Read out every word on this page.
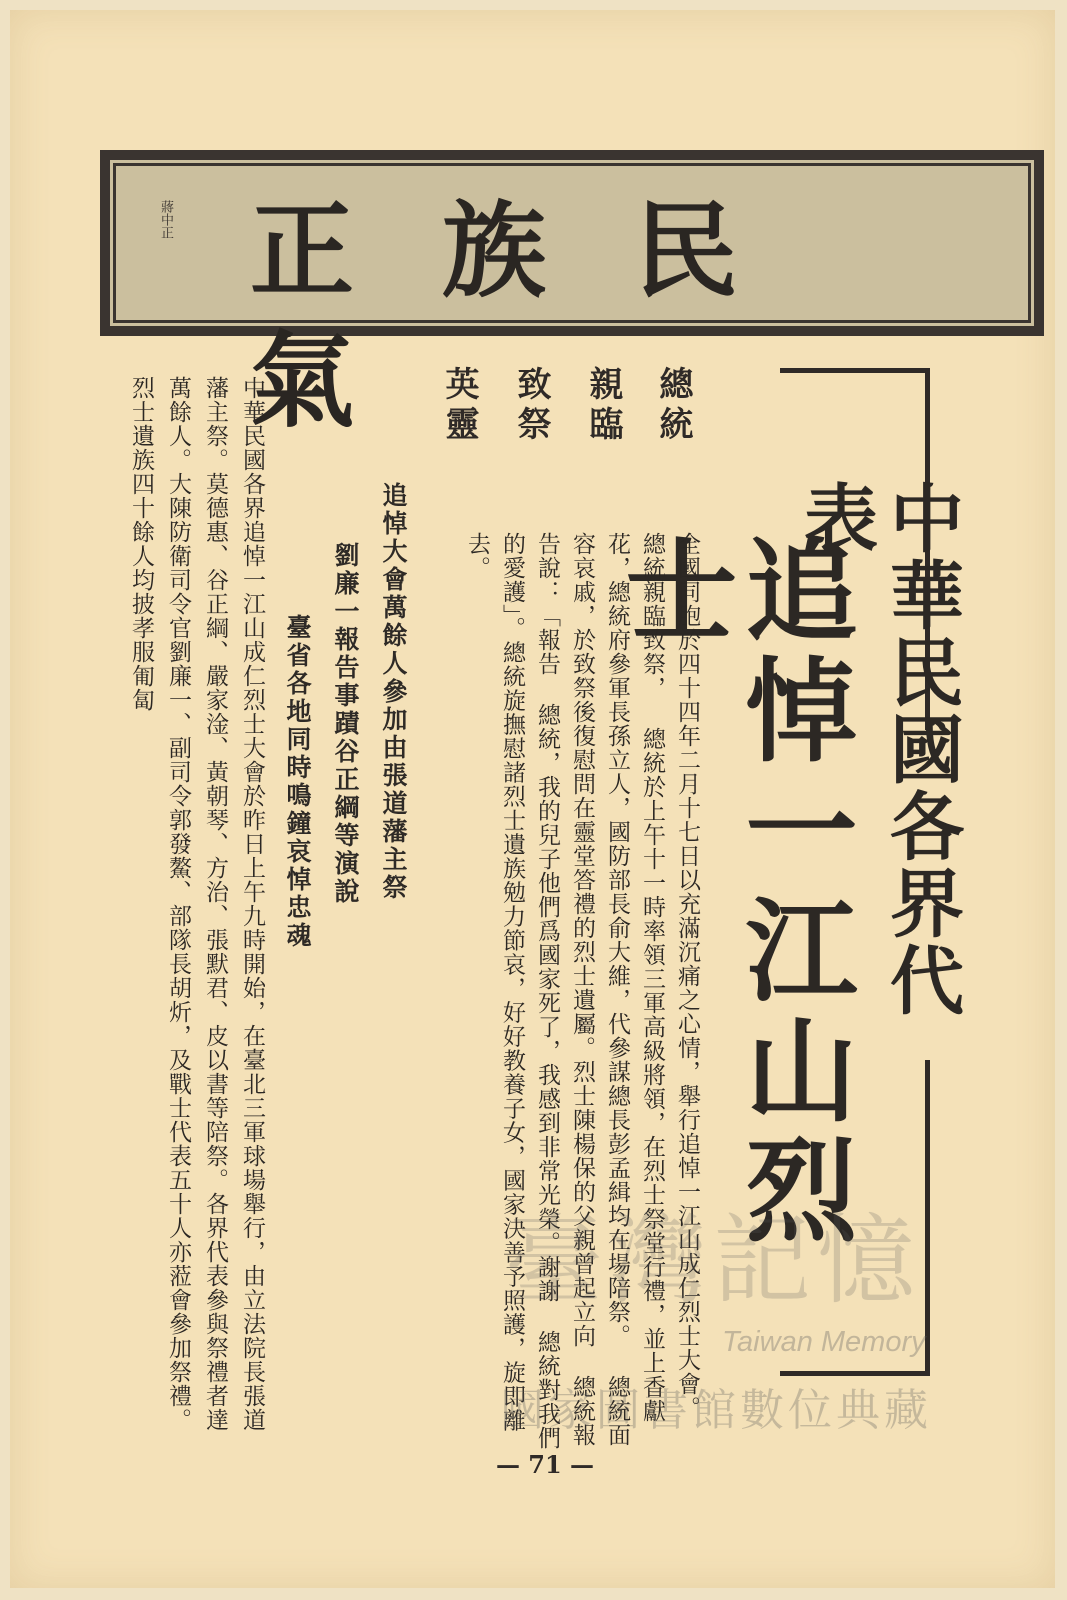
蔣中正 民族正氣
中華民國各界代表
追悼一江山烈士
總統
親臨
致祭
英靈
全國同胞於四十四年二月十七日以充滿沉痛之心情，舉行追悼一江山成仁烈士大會。 總統親臨致祭， 總統於上午十一時率領三軍高級將領，在烈士祭堂行禮，並上香獻花，總統府參軍長孫立人，國防部長俞大維，代參謀總長彭孟緝均在場陪祭。 總統面容哀戚，於致祭後復慰問在靈堂答禮的烈士遺屬。烈士陳楊保的父親曾起立向 總統報告說：「報告 總統，我的兒子他們爲國家死了，我感到非常光榮。謝謝 總統對我們的愛護」。總統旋撫慰諸烈士遺族勉力節哀，好好教養子女，國家決善予照護，旋即離去。
追悼大會萬餘人參加由張道藩主祭
劉廉一報告事蹟谷正綱等演說
臺省各地同時鳴鐘哀悼忠魂
中華民國各界追悼一江山成仁烈士大會於昨日上午九時開始，在臺北三軍球場舉行，由立法院長張道藩主祭。莫德惠、谷正綱、嚴家淦、黃朝琴、方治、張默君、皮以書等陪祭。各界代表參與祭禮者達萬餘人。大陳防衛司令官劉廉一、副司令郭發鰲、部隊長胡炘，及戰士代表五十人亦蒞會參加祭禮。烈士遺族四十餘人均披孝服匍匐
— 71 —
臺灣記憶
Taiwan Memory
國家圖書館數位典藏
